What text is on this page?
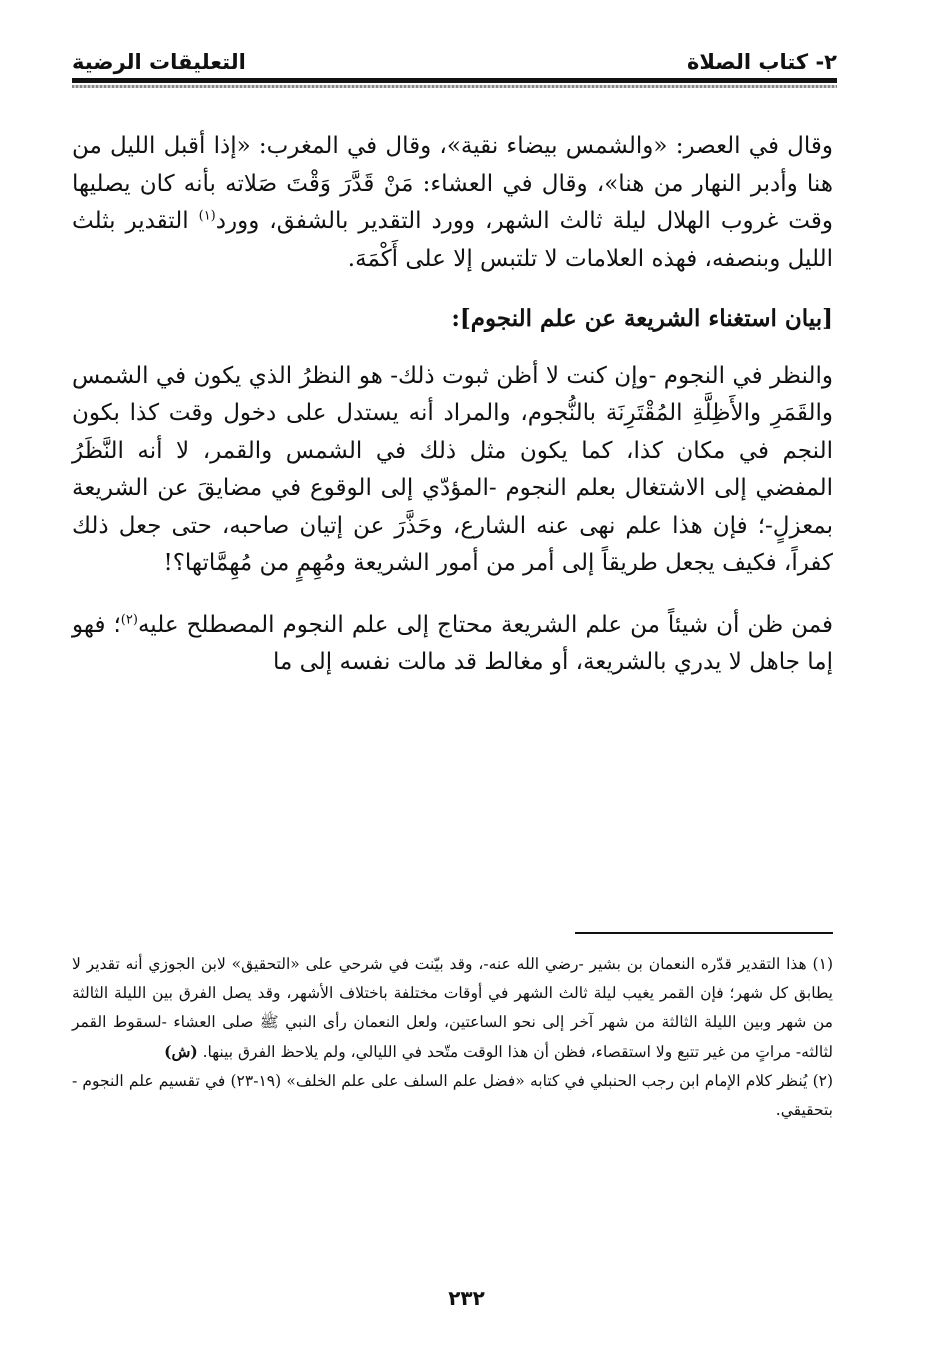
٢- كتاب الصلاة
التعليقات الرضية

وقال في العصر: «والشمس بيضاء نقية»، وقال في المغرب: «إذا أقبل الليل من هنا وأدبر النهار من هنا»، وقال في العشاء: مَنْ قَدَّرَ وَقْتَ صَلاته بأنه كان يصليها وقت غروب الهلال ليلة ثالث الشهر، وورد التقدير بالشفق، وورد$^{(١)}$ التقدير بثلث الليل وبنصفه، فهذه العلامات لا تلتبس إلا على أَكْمَهَ.

[بيان استغناء الشريعة عن علم النجوم]:

والنظر في النجوم -وإن كنت لا أظن ثبوت ذلك- هو النظرُ الذي يكون في الشمس والقَمَرِ والأَظِلَّةِ المُقْتَرِنَة بالنُّجوم، والمراد أنه يستدل على دخول وقت كذا بكون النجم في مكان كذا، كما يكون مثل ذلك في الشمس والقمر، لا أنه النَّظَرُ المفضي إلى الاشتغال بعلم النجوم -المؤدّي إلى الوقوع في مضايقَ عن الشريعة بمعزلٍ-؛ فإن هذا علم نهى عنه الشارع، وحَذَّرَ عن إتيان صاحبه، حتى جعل ذلك كفراً، فكيف يجعل طريقاً إلى أمر من أمور الشريعة ومُهِمٍ من مُهِمَّاتها؟!

فمن ظن أن شيئاً من علم الشريعة محتاج إلى علم النجوم المصطلح عليه$^{(٢)}$؛ فهو إما جاهل لا يدري بالشريعة، أو مغالط قد مالت نفسه إلى ما

(١) هذا التقدير قدّره النعمان بن بشير -رضي الله عنه-، وقد بيّنت في شرحي على «التحقيق» لابن الجوزي أنه تقدير لا يطابق كل شهر؛ فإن القمر يغيب ليلة ثالث الشهر في أوقات مختلفة باختلاف الأشهر، وقد يصل الفرق بين الليلة الثالثة من شهر وبين الليلة الثالثة من شهر آخر إلى نحو الساعتين، ولعل النعمان رأى النبي ﷺ صلى العشاء -لسقوط القمر لثالثه- مراتٍ من غير تتبع ولا استقصاء، فظن أن هذا الوقت متّحد في الليالي، ولم يلاحظ الفرق بينها. (ش)

(٢) يُنظر كلام الإمام ابن رجب الحنبلي في كتابه «فضل علم السلف على علم الخلف» (١٩-٢٣) في تقسيم علم النجوم - بتحقيقي.

٢٣٢
